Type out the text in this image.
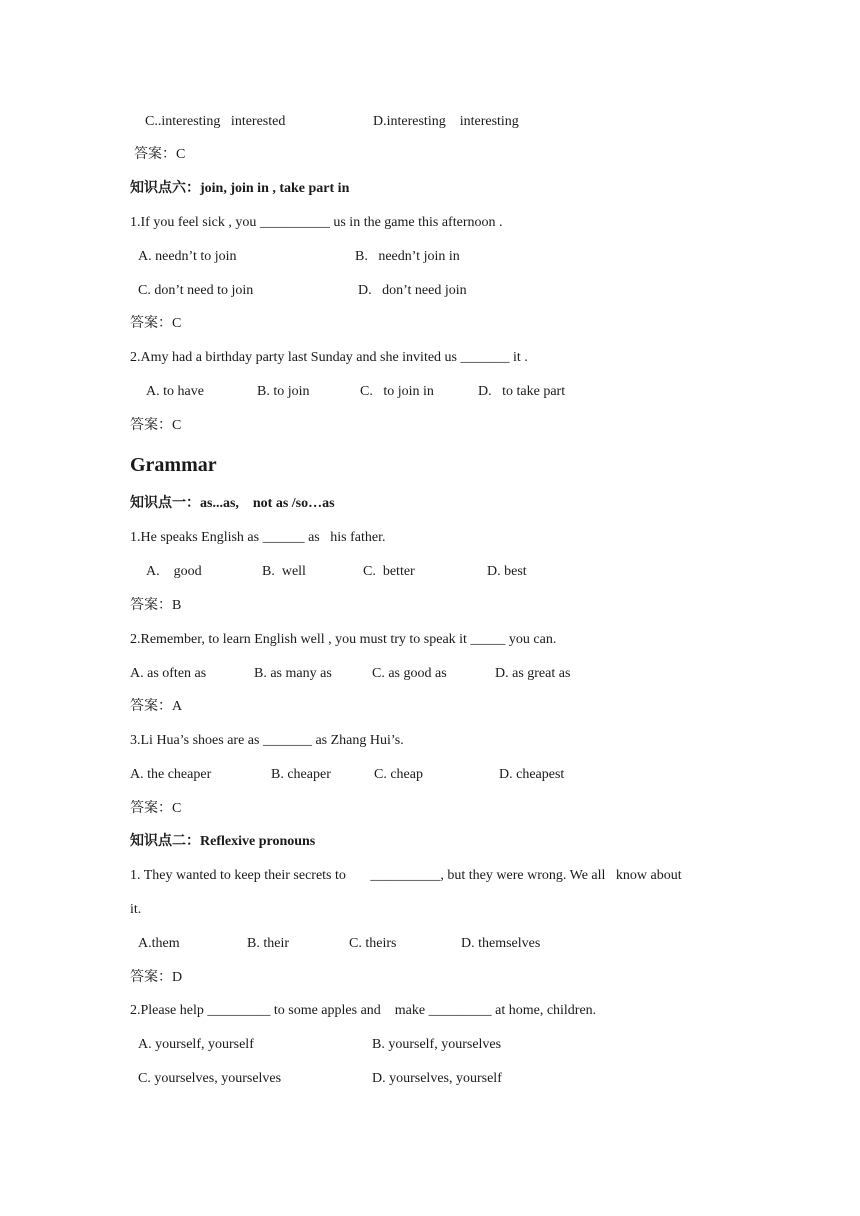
C..interesting   interested	D.interesting    interesting
答案：C
知识点六：join, join in , take part in
1.If you feel sick , you __________ us in the game this afternoon .
A. needn’t to join	B.   needn’t join in
C. don’t need to join	D.   don’t need join
答案：C
2.Amy had a birthday party last Sunday and she invited us _______ it .
A. to have	B. to join	C.   to join in	D.   to take part
答案：C
Grammar
知识点一：as...as,    not as /so…as
1.He speaks English as ______ as   his father.
A.    good	B.  well	C.  better	D. best
答案：B
2.Remember, to learn English well , you must try to speak it _____ you can.
A. as often as	B. as many as	C. as good as	D. as great as
答案：A
3.Li Hua’s shoes are as _______ as Zhang Hui’s.
A. the cheaper	B. cheaper	C. cheap	D. cheapest
答案：C
知识点二：Reflexive pronouns
1. They wanted to keep their secrets to       __________, but they were wrong. We all   know about
it.
A.them	B. their	C. theirs	D. themselves
答案：D
2.Please help _________ to some apples and    make _________ at home, children.
A. yourself, yourself	B. yourself, yourselves
C. yourselves, yourselves	D. yourselves, yourself
